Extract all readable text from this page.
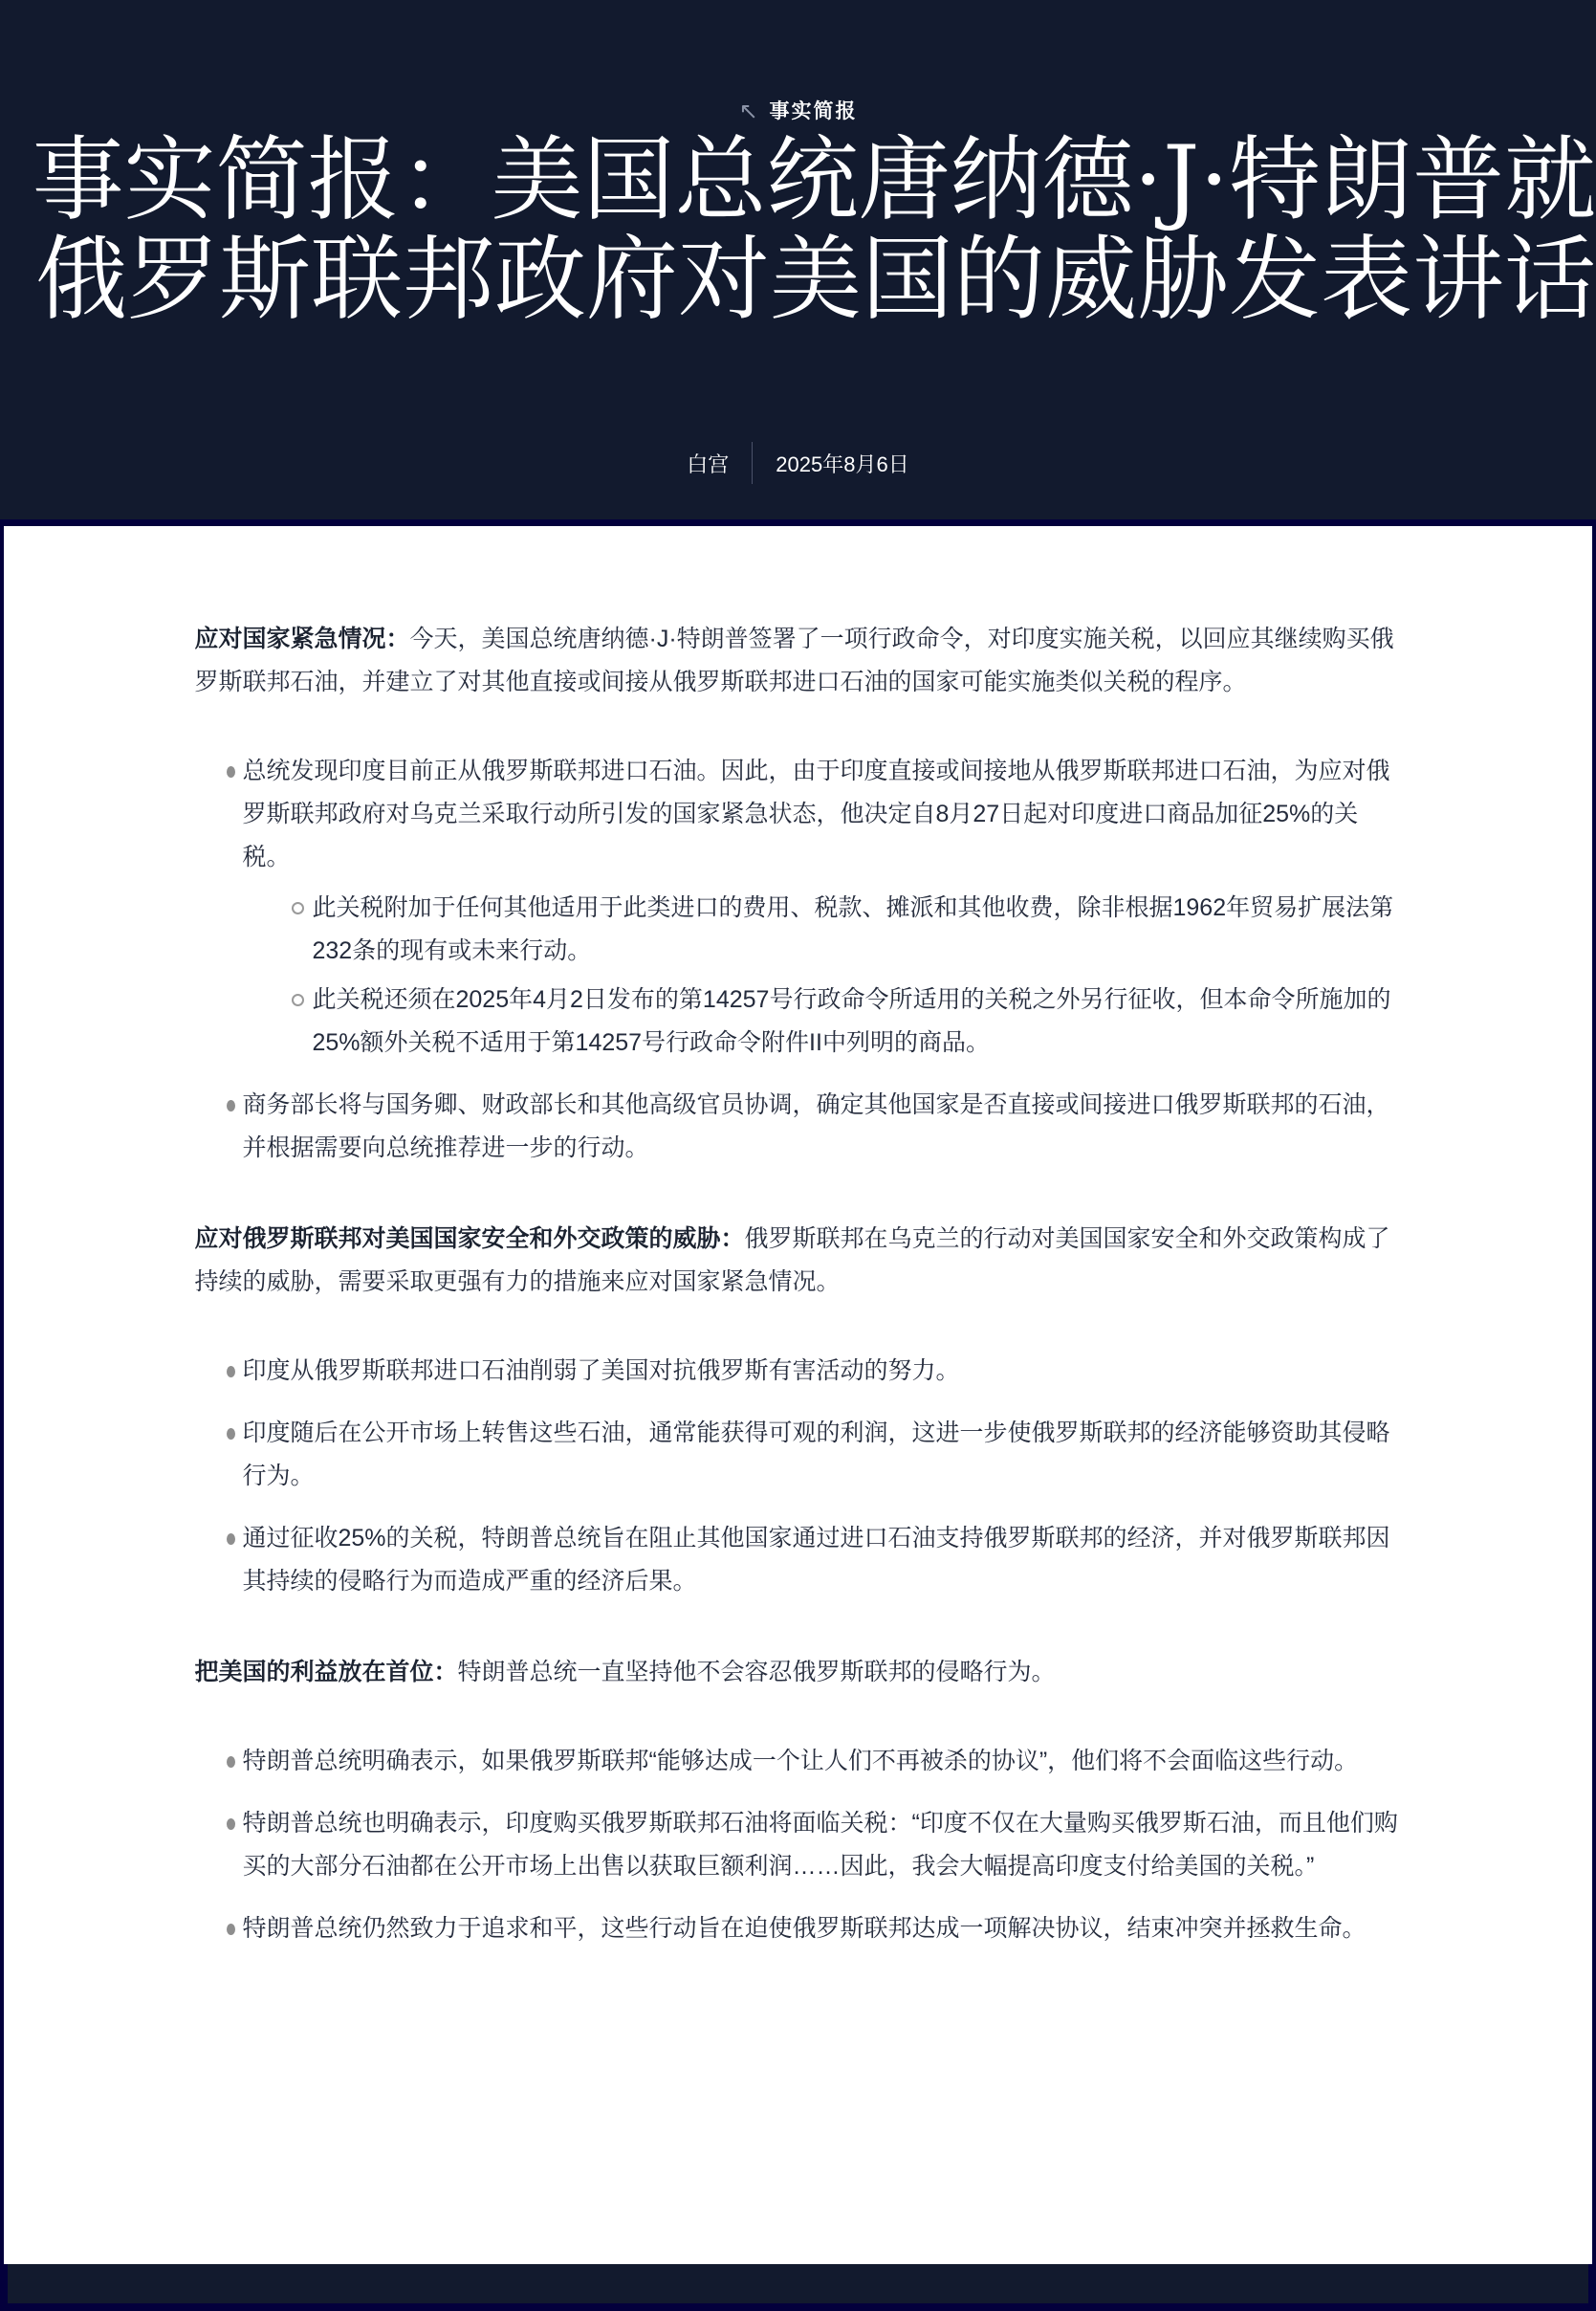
↖ 事实简报
事实简报：美国总统唐纳德·J·特朗普就
俄罗斯联邦政府对美国的威胁发表讲话
白宫 2025年8月6日

应对国家紧急情况：今天，美国总统唐纳德·J·特朗普签署了一项行政命令，对印度实施关税，以回应其继续购买俄罗斯联邦石油，并建立了对其他直接或间接从俄罗斯联邦进口石油的国家可能实施类似关税的程序。

总统发现印度目前正从俄罗斯联邦进口石油。因此，由于印度直接或间接地从俄罗斯联邦进口石油，为应对俄罗斯联邦政府对乌克兰采取行动所引发的国家紧急状态，他决定自8月27日起对印度进口商品加征25%的关税。
此关税附加于任何其他适用于此类进口的费用、税款、摊派和其他收费，除非根据1962年贸易扩展法第232条的现有或未来行动。
此关税还须在2025年4月2日发布的第14257号行政命令所适用的关税之外另行征收，但本命令所施加的25%额外关税不适用于第14257号行政命令附件II中列明的商品。
商务部长将与国务卿、财政部长和其他高级官员协调，确定其他国家是否直接或间接进口俄罗斯联邦的石油，并根据需要向总统推荐进一步的行动。

应对俄罗斯联邦对美国国家安全和外交政策的威胁：俄罗斯联邦在乌克兰的行动对美国国家安全和外交政策构成了持续的威胁，需要采取更强有力的措施来应对国家紧急情况。

印度从俄罗斯联邦进口石油削弱了美国对抗俄罗斯有害活动的努力。
印度随后在公开市场上转售这些石油，通常能获得可观的利润，这进一步使俄罗斯联邦的经济能够资助其侵略行为。
通过征收25%的关税，特朗普总统旨在阻止其他国家通过进口石油支持俄罗斯联邦的经济，并对俄罗斯联邦因其持续的侵略行为而造成严重的经济后果。

把美国的利益放在首位：特朗普总统一直坚持他不会容忍俄罗斯联邦的侵略行为。

特朗普总统明确表示，如果俄罗斯联邦“能够达成一个让人们不再被杀的协议”，他们将不会面临这些行动。
特朗普总统也明确表示，印度购买俄罗斯联邦石油将面临关税：“印度不仅在大量购买俄罗斯石油，而且他们购买的大部分石油都在公开市场上出售以获取巨额利润……因此，我会大幅提高印度支付给美国的关税。”
特朗普总统仍然致力于追求和平，这些行动旨在迫使俄罗斯联邦达成一项解决协议，结束冲突并拯救生命。
